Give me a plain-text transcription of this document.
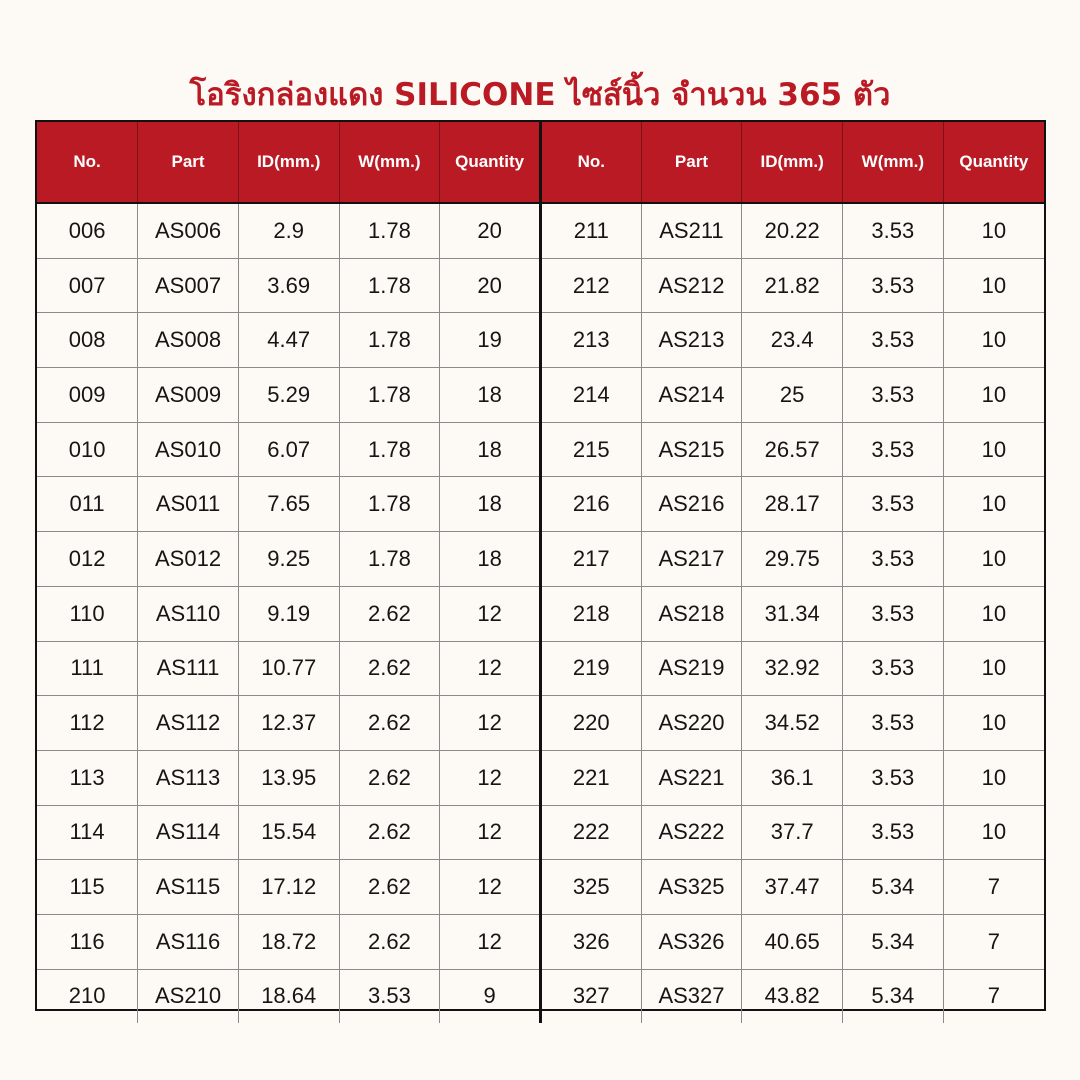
โอริงกล่องแดง SILICONE ไซส์นิ้ว จำนวน 365 ตัว
No.	Part	ID(mm.)	W(mm.)	Quantity	No.	Part	ID(mm.)	W(mm.)	Quantity
006	AS006	2.9	1.78	20	211	AS211	20.22	3.53	10
007	AS007	3.69	1.78	20	212	AS212	21.82	3.53	10
008	AS008	4.47	1.78	19	213	AS213	23.4	3.53	10
009	AS009	5.29	1.78	18	214	AS214	25	3.53	10
010	AS010	6.07	1.78	18	215	AS215	26.57	3.53	10
011	AS011	7.65	1.78	18	216	AS216	28.17	3.53	10
012	AS012	9.25	1.78	18	217	AS217	29.75	3.53	10
110	AS110	9.19	2.62	12	218	AS218	31.34	3.53	10
111	AS111	10.77	2.62	12	219	AS219	32.92	3.53	10
112	AS112	12.37	2.62	12	220	AS220	34.52	3.53	10
113	AS113	13.95	2.62	12	221	AS221	36.1	3.53	10
114	AS114	15.54	2.62	12	222	AS222	37.7	3.53	10
115	AS115	17.12	2.62	12	325	AS325	37.47	5.34	7
116	AS116	18.72	2.62	12	326	AS326	40.65	5.34	7
210	AS210	18.64	3.53	9	327	AS327	43.82	5.34	7
